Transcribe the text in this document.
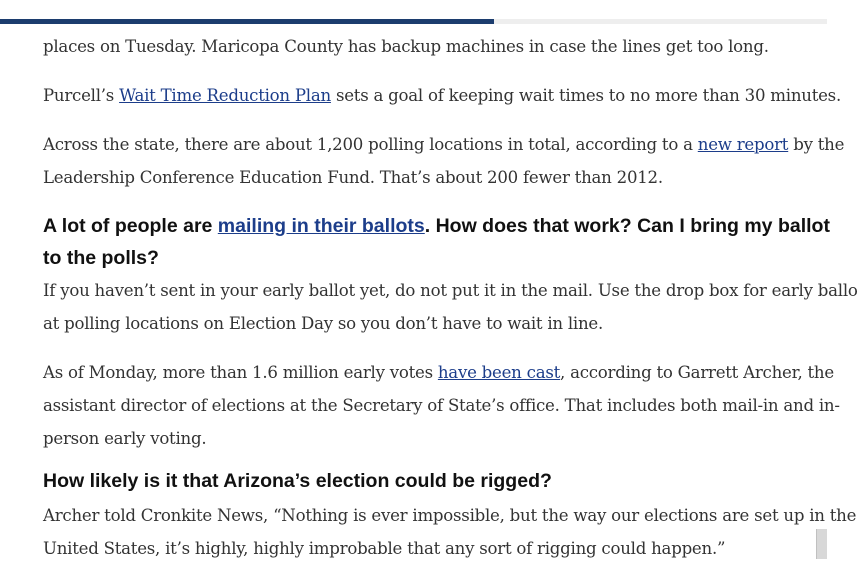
places on Tuesday. Maricopa County has backup machines in case the lines get too long.

Purcell’s Wait Time Reduction Plan sets a goal of keeping wait times to no more than 30 minutes.

Across the state, there are about 1,200 polling locations in total, according to a new report by the
Leadership Conference Education Fund. That’s about 200 fewer than 2012.

A lot of people are mailing in their ballots. How does that work? Can I bring my ballot
to the polls?

If you haven’t sent in your early ballot yet, do not put it in the mail. Use the drop box for early ballo
at polling locations on Election Day so you don’t have to wait in line.

As of Monday, more than 1.6 million early votes have been cast, according to Garrett Archer, the
assistant director of elections at the Secretary of State’s office. That includes both mail-in and in-
person early voting.

How likely is it that Arizona’s election could be rigged?

Archer told Cronkite News, “Nothing is ever impossible, but the way our elections are set up in the
United States, it’s highly, highly improbable that any sort of rigging could happen.”
